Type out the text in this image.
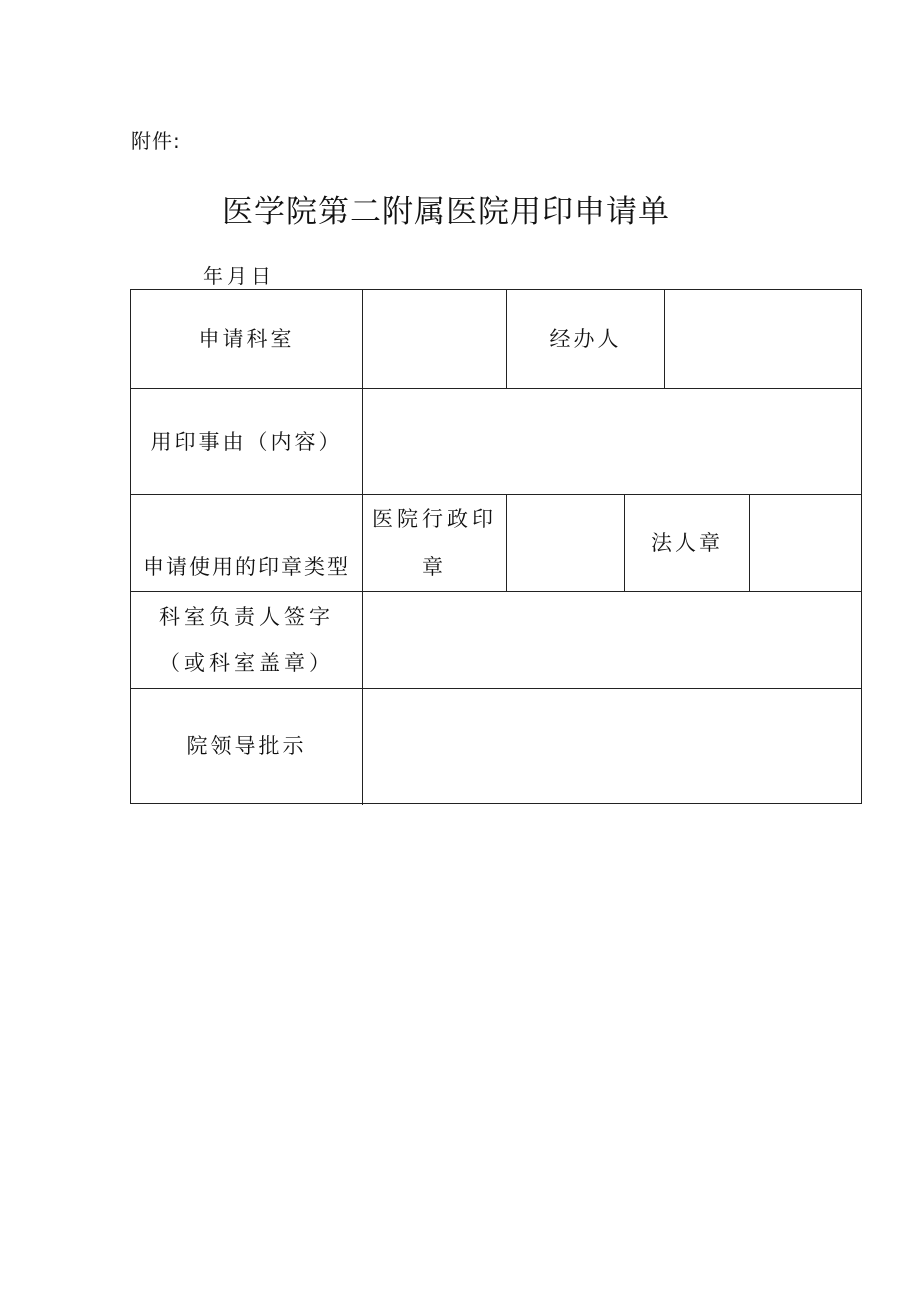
附件:
医学院第二附属医院用印申请单
年月日
申请科室	经办人
用印事由（内容）
申请使用的印章类型
医院行政印章
法人章
科室负责人签字（或科室盖章）
院领导批示
